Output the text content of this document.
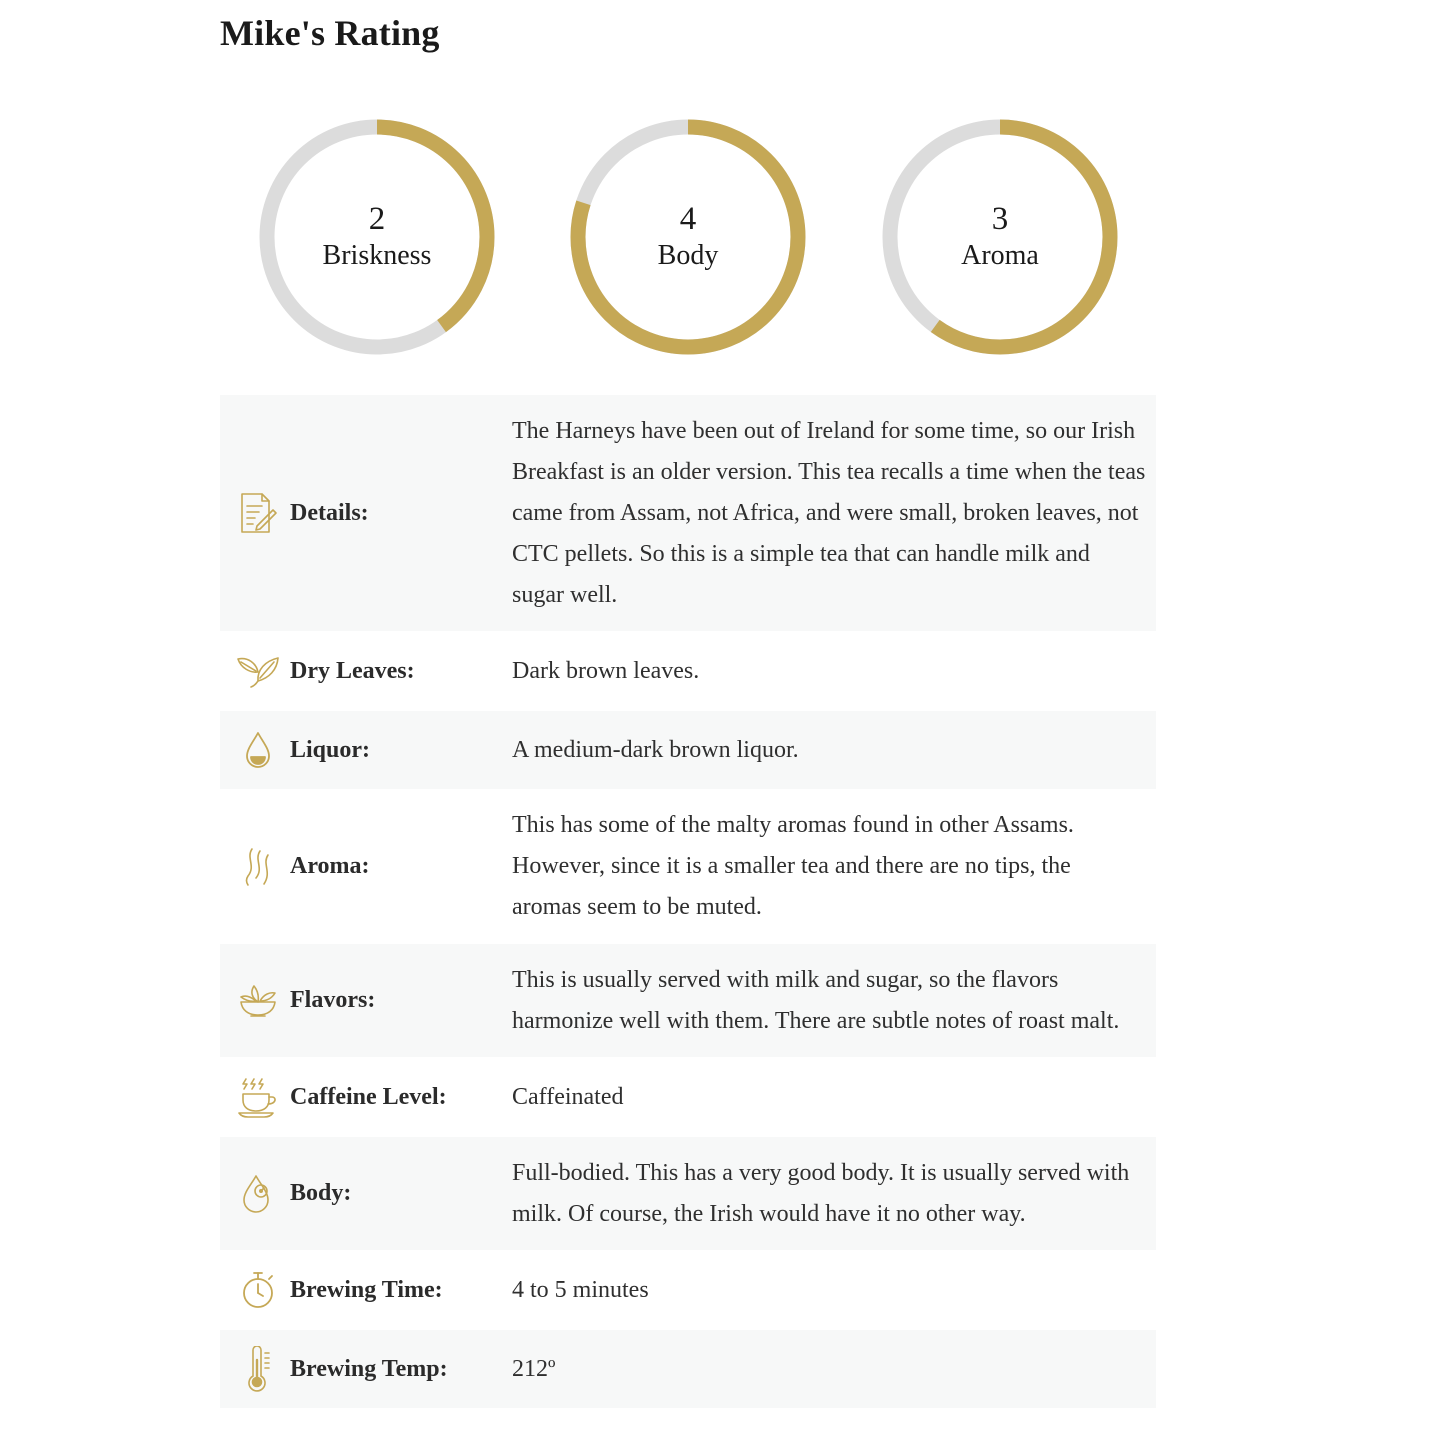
Mike's Rating
2
Briskness
4
Body
3
Aroma
Details:
The Harneys have been out of Ireland for some time, so our Irish Breakfast is an older version. This tea recalls a time when the teas came from Assam, not Africa, and were small, broken leaves, not CTC pellets. So this is a simple tea that can handle milk and sugar well.
Dry Leaves:	Dark brown leaves.
Liquor:	A medium-dark brown liquor.
Aroma:
This has some of the malty aromas found in other Assams. However, since it is a smaller tea and there are no tips, the aromas seem to be muted.
Flavors:
This is usually served with milk and sugar, so the flavors harmonize well with them. There are subtle notes of roast malt.
Caffeine Level:	Caffeinated
Body:
Full-bodied. This has a very good body. It is usually served with milk. Of course, the Irish would have it no other way.
Brewing Time:	4 to 5 minutes
Brewing Temp:	212º
